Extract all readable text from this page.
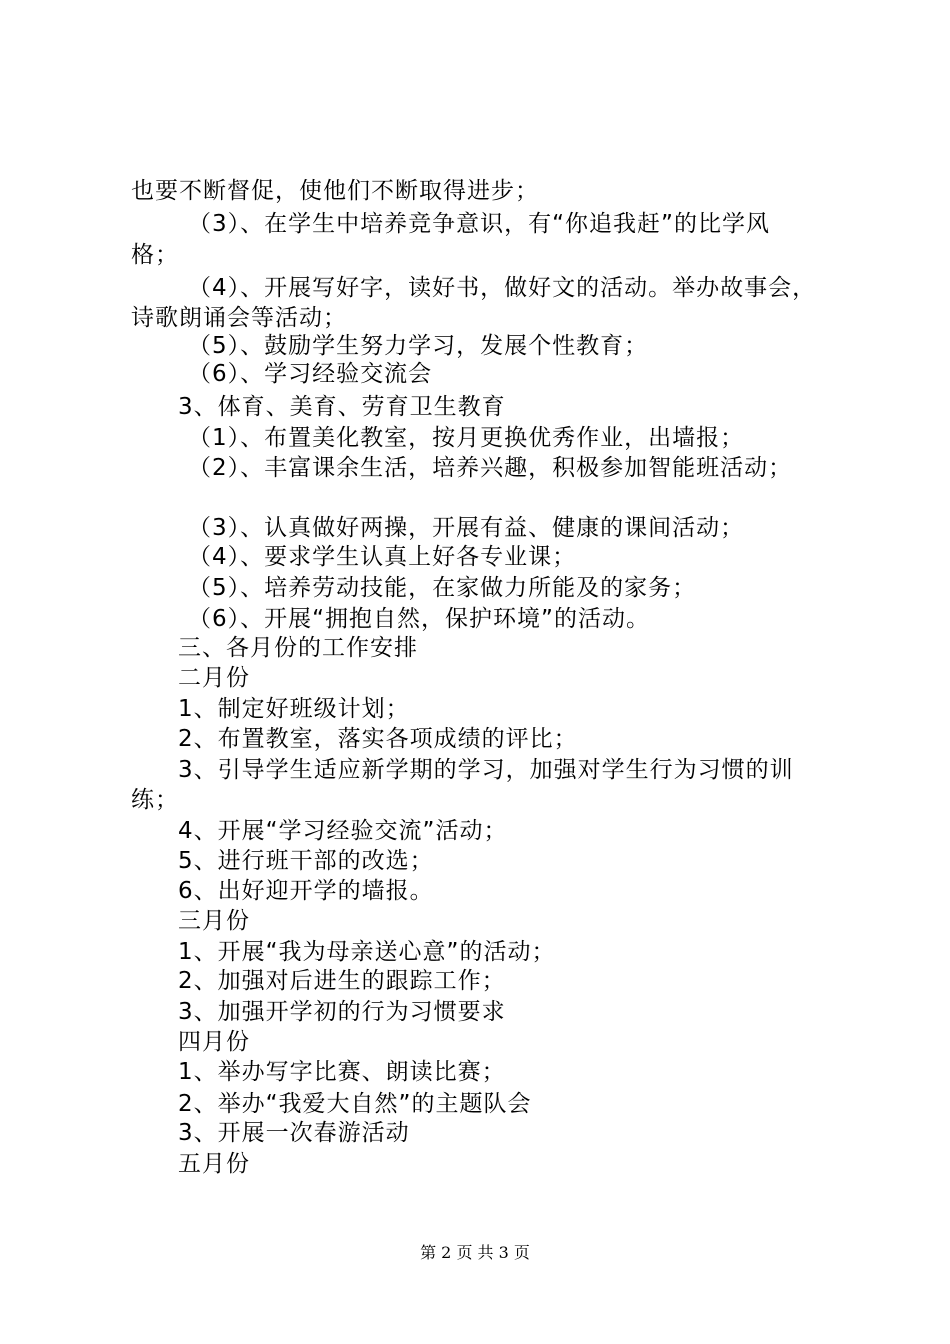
也要不断督促，使他们不断取得进步；
（3）、在学生中培养竞争意识，有“你追我赶”的比学风
格；
（4）、开展写好字，读好书，做好文的活动。举办故事会，
诗歌朗诵会等活动；
（5）、鼓励学生努力学习，发展个性教育；
（6）、学习经验交流会
3、体育、美育、劳育卫生教育
（1）、布置美化教室，按月更换优秀作业，出墙报；
（2）、丰富课余生活，培养兴趣，积极参加智能班活动；
（3）、认真做好两操，开展有益、健康的课间活动；
（4）、要求学生认真上好各专业课；
（5）、培养劳动技能，在家做力所能及的家务；
（6）、开展“拥抱自然，保护环境”的活动。
三、各月份的工作安排
二月份
1、制定好班级计划；
2、布置教室，落实各项成绩的评比；
3、引导学生适应新学期的学习，加强对学生行为习惯的训
练；
4、开展“学习经验交流”活动；
5、进行班干部的改选；
6、出好迎开学的墙报。
三月份
1、开展“我为母亲送心意”的活动；
2、加强对后进生的跟踪工作；
3、加强开学初的行为习惯要求
四月份
1、举办写字比赛、朗读比赛；
2、举办“我爱大自然”的主题队会
3、开展一次春游活动
五月份
第 2 页 共 3 页
